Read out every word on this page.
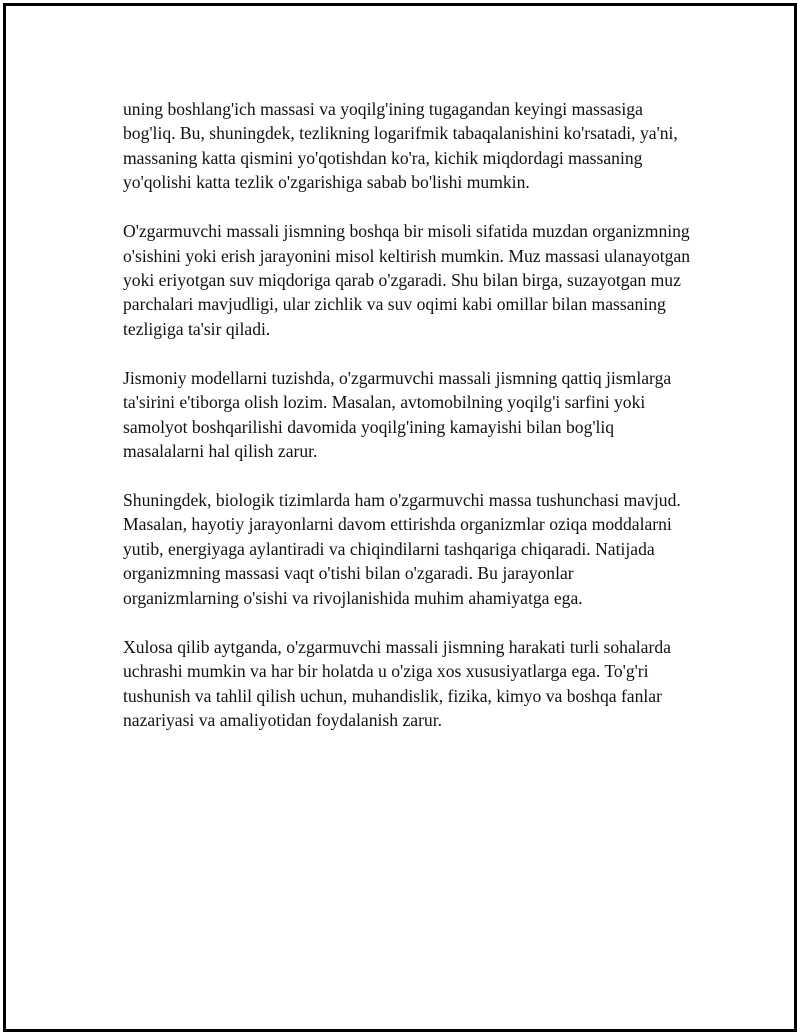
uning boshlang'ich massasi va yoqilg'ining tugagandan keyingi massasiga bog'liq. Bu, shuningdek, tezlikning logarifmik tabaqalanishini ko'rsatadi, ya'ni, massaning katta qismini yo'qotishdan ko'ra, kichik miqdordagi massaning yo'qolishi katta tezlik o'zgarishiga sabab bo'lishi mumkin.

O'zgarmuvchi massali jismning boshqa bir misoli sifatida muzdan organizmning o'sishini yoki erish jarayonini misol keltirish mumkin. Muz massasi ulanayotgan yoki eriyotgan suv miqdoriga qarab o'zgaradi. Shu bilan birga, suzayotgan muz parchalari mavjudligi, ular zichlik va suv oqimi kabi omillar bilan massaning tezligiga ta'sir qiladi.

Jismoniy modellarni tuzishda, o'zgarmuvchi massali jismning qattiq jismlarga ta'sirini e'tiborga olish lozim. Masalan, avtomobilning yoqilg'i sarfini yoki samolyot boshqarilishi davomida yoqilg'ining kamayishi bilan bog'liq masalalarni hal qilish zarur.

Shuningdek, biologik tizimlarda ham o'zgarmuvchi massa tushunchasi mavjud. Masalan, hayotiy jarayonlarni davom ettirishda organizmlar oziqa moddalarni yutib, energiyaga aylantiradi va chiqindilarni tashqariga chiqaradi. Natijada organizmning massasi vaqt o'tishi bilan o'zgaradi. Bu jarayonlar organizmlarning o'sishi va rivojlanishida muhim ahamiyatga ega.

Xulosa qilib aytganda, o'zgarmuvchi massali jismning harakati turli sohalarda uchrashi mumkin va har bir holatda u o'ziga xos xususiyatlarga ega. To'g'ri tushunish va tahlil qilish uchun, muhandislik, fizika, kimyo va boshqa fanlar nazariyasi va amaliyotidan foydalanish zarur.
